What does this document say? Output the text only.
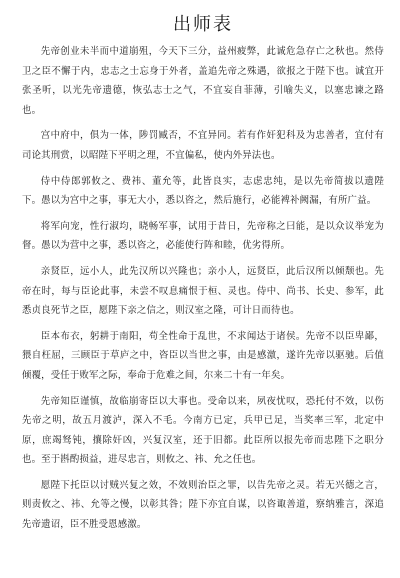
出师表

先帝创业未半而中道崩殂，今天下三分，益州疲弊，此诚危急存亡之秋也。然侍卫之臣不懈于内，忠志之士忘身于外者，盖追先帝之殊遇，欲报之于陛下也。诚宜开张圣听，以光先帝遗德，恢弘志士之气，不宜妄自菲薄，引喻失义，以塞忠谏之路也。

宫中府中，俱为一体，陟罚臧否，不宜异同。若有作奸犯科及为忠善者，宜付有司论其刑赏，以昭陛下平明之理，不宜偏私，使内外异法也。

侍中侍郎郭攸之、费祎、董允等，此皆良实，志虑忠纯，是以先帝简拔以遗陛下。愚以为宫中之事，事无大小，悉以咨之，然后施行，必能裨补阙漏，有所广益。

将军向宠，性行淑均，晓畅军事，试用于昔日，先帝称之曰能，是以众议举宠为督。愚以为营中之事，悉以咨之，必能使行阵和睦，优劣得所。

亲贤臣，远小人，此先汉所以兴隆也；亲小人，远贤臣，此后汉所以倾颓也。先帝在时，每与臣论此事，未尝不叹息痛恨于桓、灵也。侍中、尚书、长史、参军，此悉贞良死节之臣，愿陛下亲之信之，则汉室之隆，可计日而待也。

臣本布衣，躬耕于南阳，苟全性命于乱世，不求闻达于诸侯。先帝不以臣卑鄙，猥自枉屈，三顾臣于草庐之中，咨臣以当世之事，由是感激，遂许先帝以驱驰。后值倾覆，受任于败军之际，奉命于危难之间，尔来二十有一年矣。

先帝知臣谨慎，故临崩寄臣以大事也。受命以来，夙夜忧叹，恐托付不效，以伤先帝之明，故五月渡泸，深入不毛。今南方已定，兵甲已足，当奖率三军，北定中原，庶竭驽钝，攘除奸凶，兴复汉室，还于旧都。此臣所以报先帝而忠陛下之职分也。至于斟酌损益，进尽忠言，则攸之、祎、允之任也。

愿陛下托臣以讨贼兴复之效，不效则治臣之罪，以告先帝之灵。若无兴德之言，则责攸之、祎、允等之慢，以彰其咎；陛下亦宜自谋，以咨诹善道，察纳雅言，深追先帝遗诏，臣不胜受恩感激。
